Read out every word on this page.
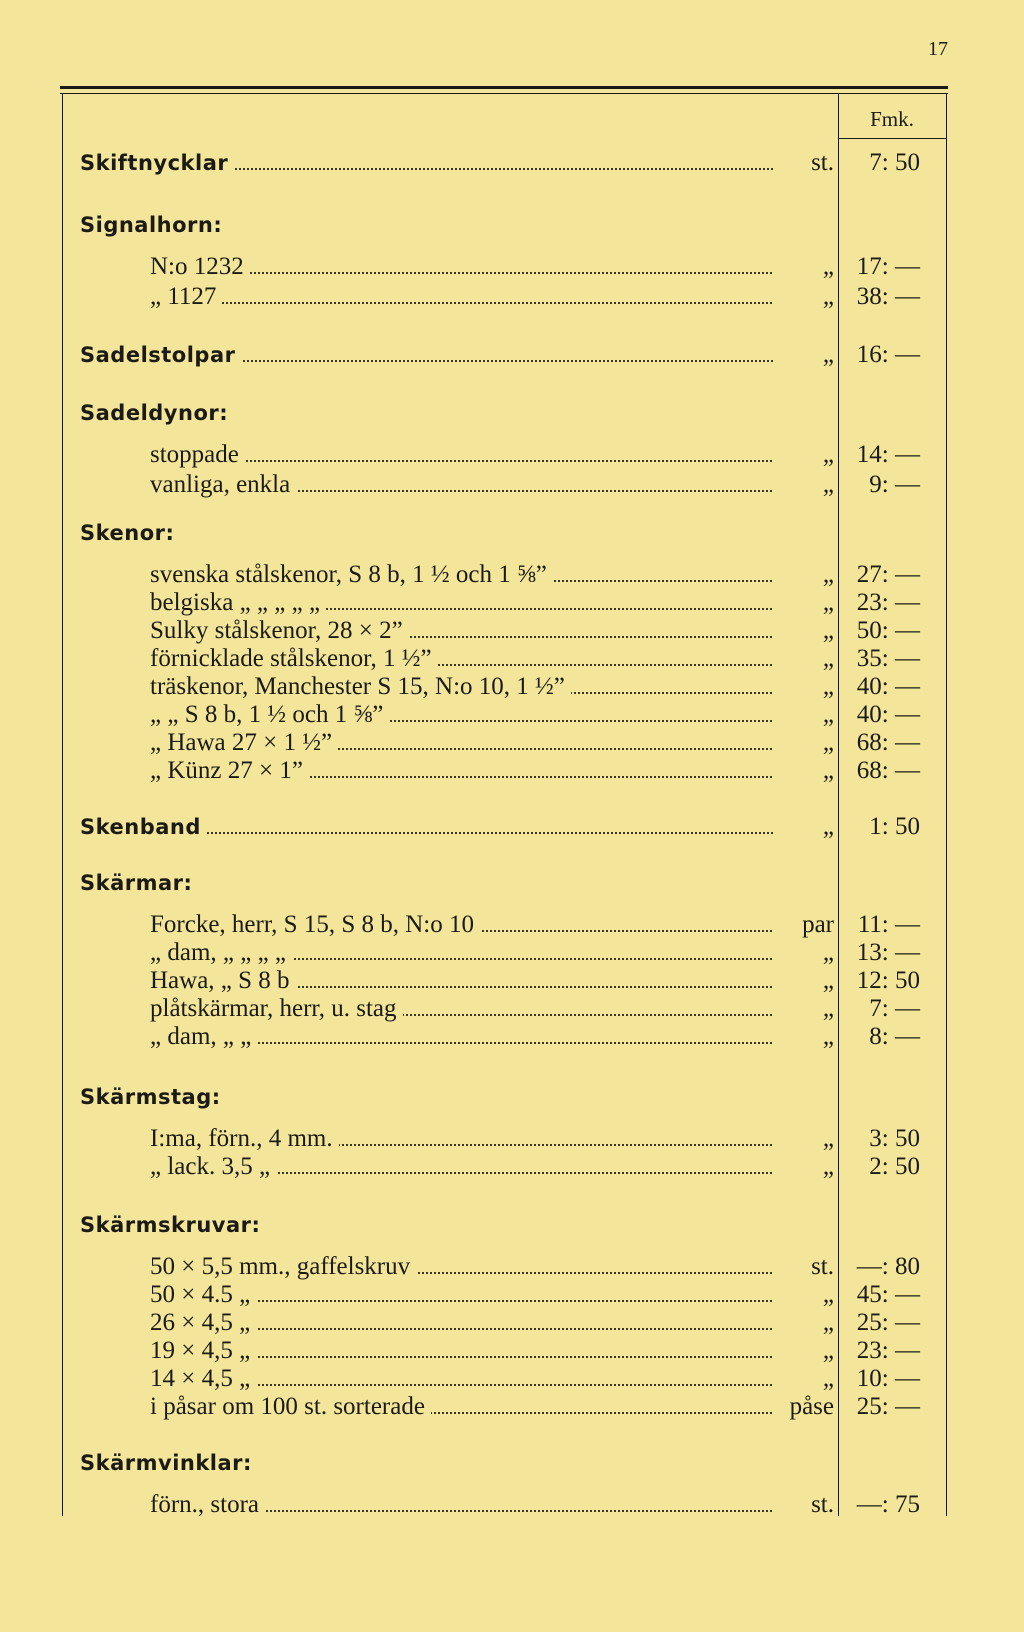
17
Fmk.
Skiftnycklar	st.	7: 50
Signalhorn:
N:o 1232	„ 17: —
„ 1127	„ 38: —
Sadelstolpar	„ 16: —
Sadeldynor:
stoppade	„ 14: —
vanliga, enkla	„	9: —
Skenor:
svenska stålskenor, S 8 b, 1 ½ och 1 ⅝”	„ 27: —
belgiska „ „ „ „ „	„ 23: —
Sulky stålskenor, 28 × 2”	„ 50: —
förnicklade stålskenor, 1 ½”	„ 35: —
träskenor, Manchester S 15, N:o 10, 1 ½”	„ 40: —
„ „ S 8 b, 1 ½ och 1 ⅝”	„ 40: —
„ Hawa 27 × 1 ½”	„ 68: —
„ Künz 27 × 1”	„ 68: —
Skenband	„	1: 50
Skärmar:
Forcke, herr, S 15, S 8 b, N:o 10	par 11: —
„ dam, „ „ „ „	„ 13: —
Hawa, „ S 8 b	„ 12: 50
plåtskärmar, herr, u. stag	„	7: —
„ dam, „ „	„	8: —
Skärmstag:
I:ma, förn., 4 mm.	„	3: 50
„ lack. 3,5 „	„	2: 50
Skärmskruvar:
50 × 5,5 mm., gaffelskruv	st. —: 80
50 × 4.5 „	„ 45: —
26 × 4,5 „	„ 25: —
19 × 4,5 „	„ 23: —
14 × 4,5 „	„ 10: —
i påsar om 100 st. sorterade	påse 25: —
Skärmvinklar:
förn., stora	st. —: 75
